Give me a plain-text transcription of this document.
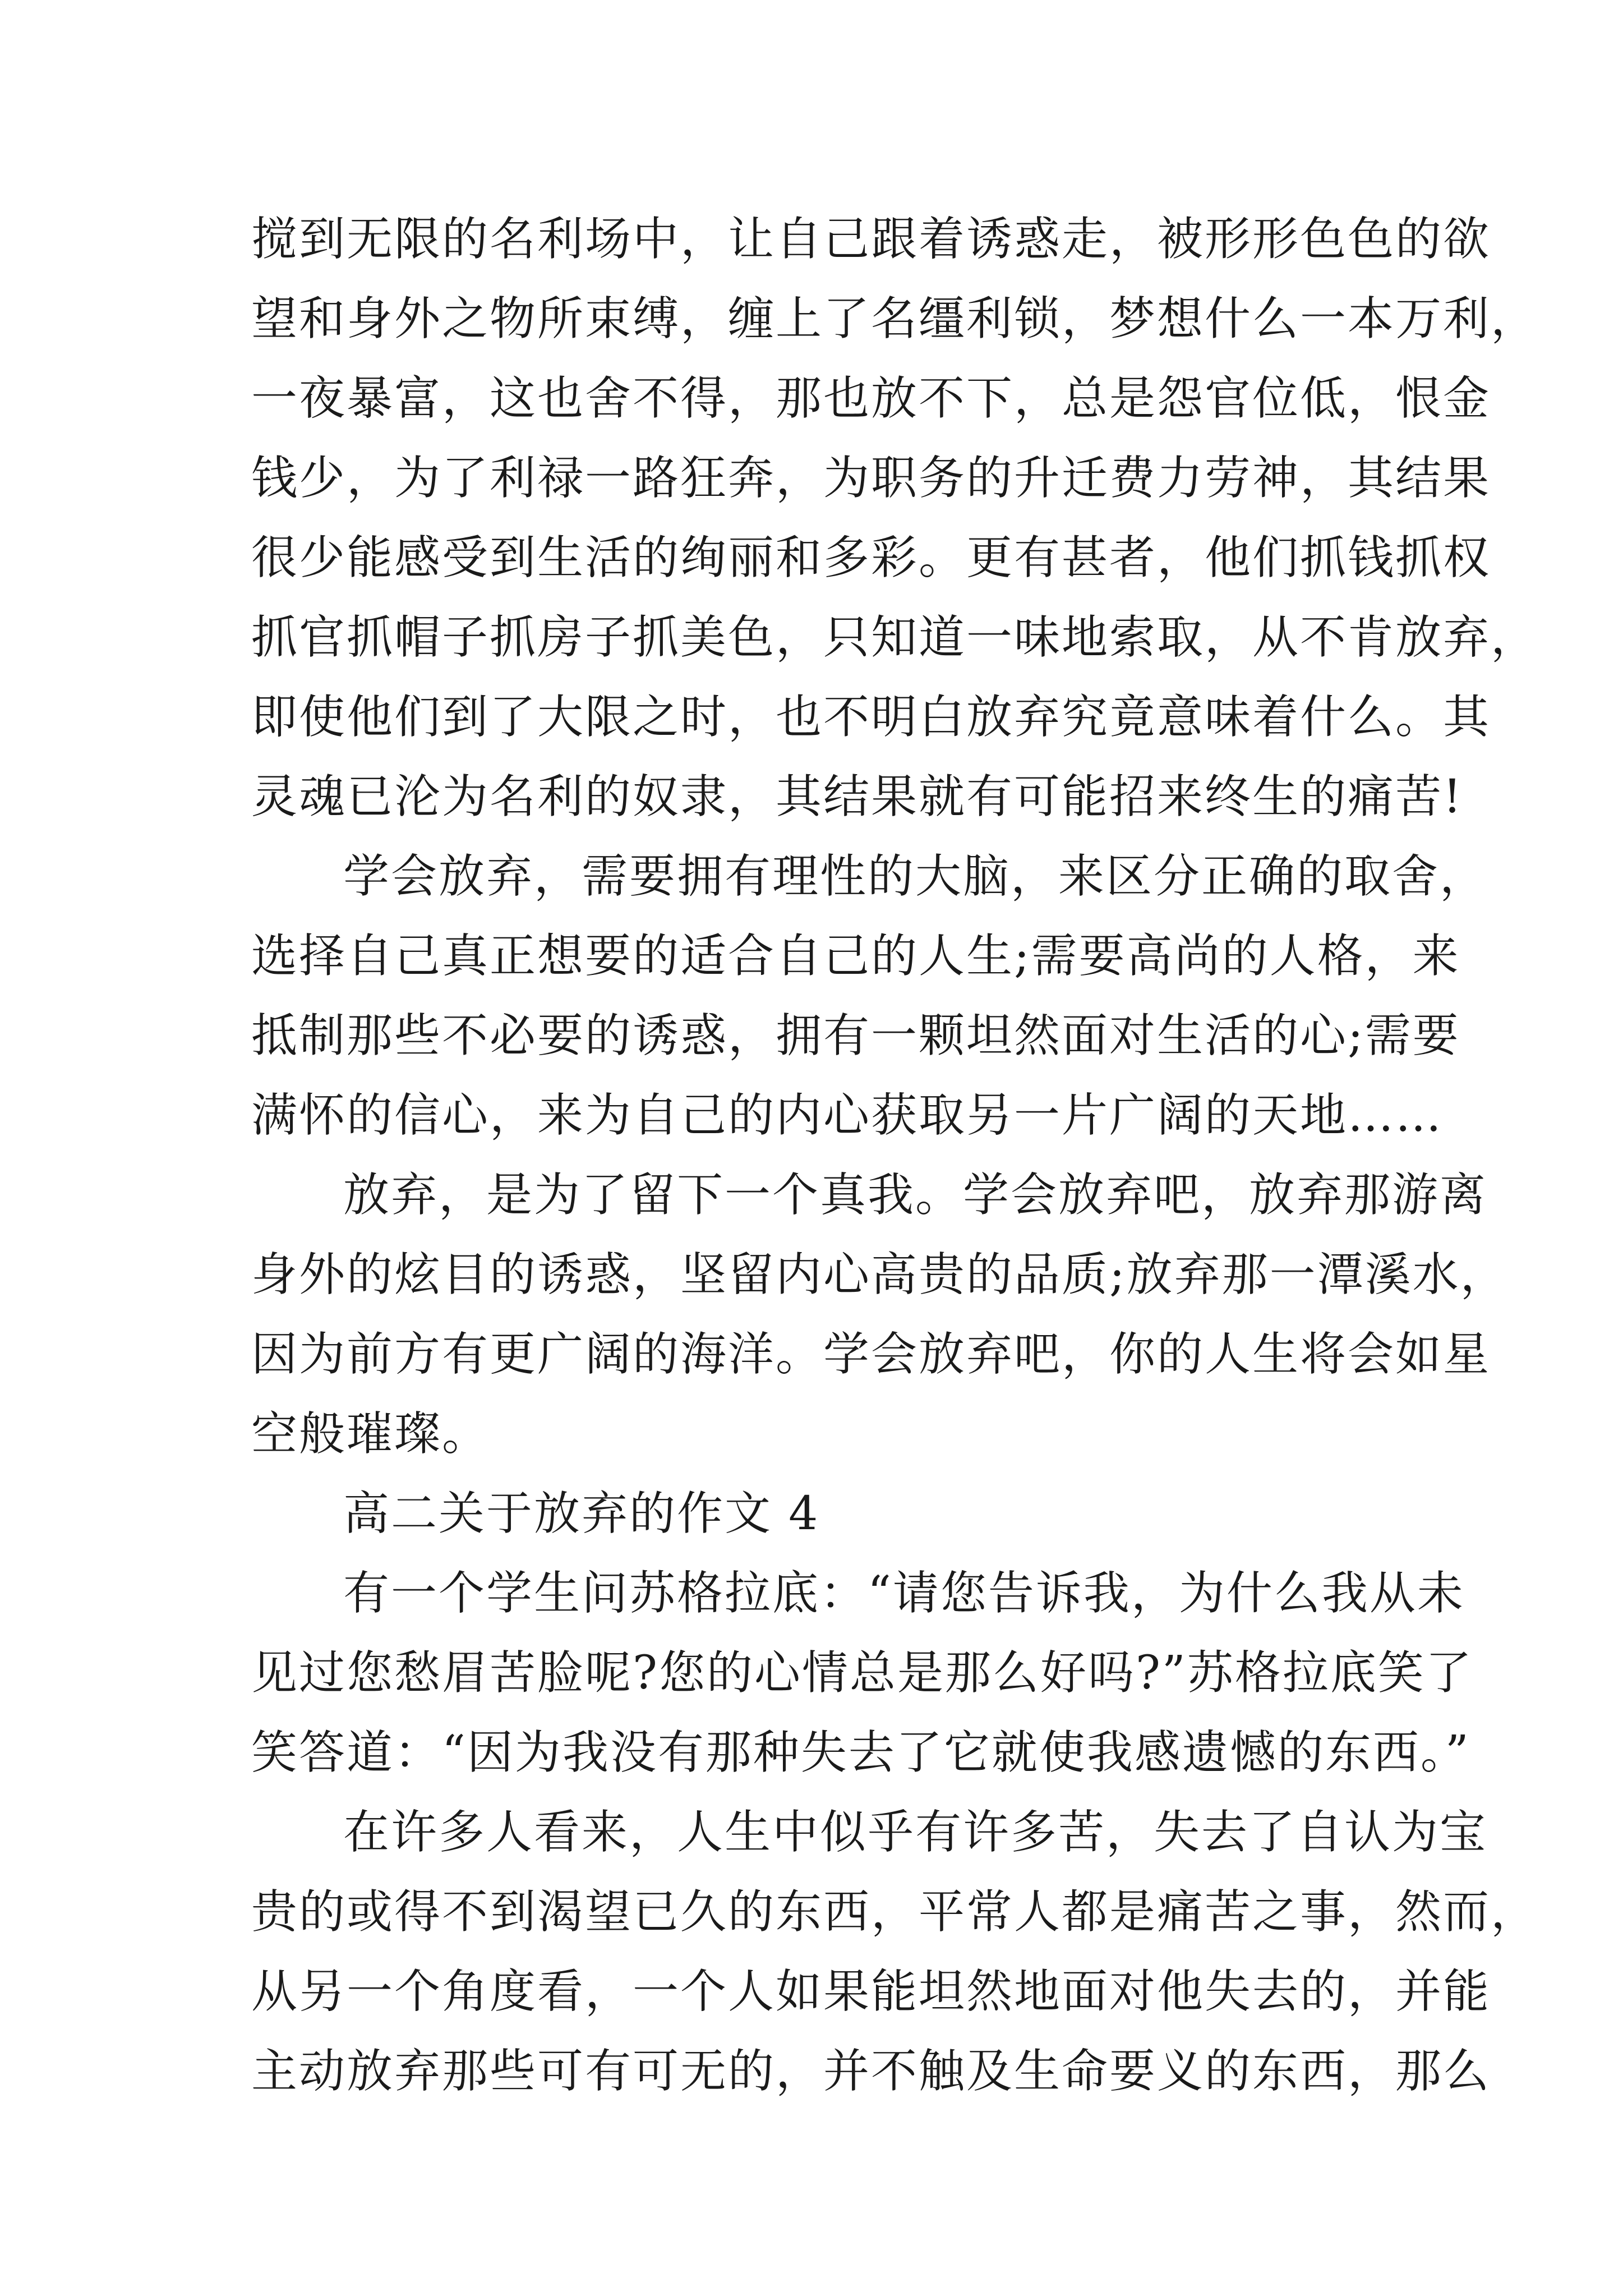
搅到无限的名利场中，让自己跟着诱惑走，被形形色色的欲
望和身外之物所束缚，缠上了名缰利锁，梦想什么一本万利，
一夜暴富，这也舍不得，那也放不下，总是怨官位低，恨金
钱少，为了利禄一路狂奔，为职务的升迁费力劳神，其结果
很少能感受到生活的绚丽和多彩。更有甚者，他们抓钱抓权
抓官抓帽子抓房子抓美色，只知道一味地索取，从不肯放弃，
即使他们到了大限之时，也不明白放弃究竟意味着什么。其
灵魂已沦为名利的奴隶，其结果就有可能招来终生的痛苦!
学会放弃，需要拥有理性的大脑，来区分正确的取舍，
选择自己真正想要的适合自己的人生;需要高尚的人格，来
抵制那些不必要的诱惑，拥有一颗坦然面对生活的心;需要
满怀的信心，来为自己的内心获取另一片广阔的天地……
放弃，是为了留下一个真我。学会放弃吧，放弃那游离
身外的炫目的诱惑，坚留内心高贵的品质;放弃那一潭溪水，
因为前方有更广阔的海洋。学会放弃吧，你的人生将会如星
空般璀璨。
高二关于放弃的作文 4
有一个学生问苏格拉底：“请您告诉我，为什么我从未
见过您愁眉苦脸呢?您的心情总是那么好吗?”苏格拉底笑了
笑答道：“因为我没有那种失去了它就使我感遗憾的东西。”
在许多人看来，人生中似乎有许多苦，失去了自认为宝
贵的或得不到渴望已久的东西，平常人都是痛苦之事，然而，
从另一个角度看，一个人如果能坦然地面对他失去的，并能
主动放弃那些可有可无的，并不触及生命要义的东西，那么
